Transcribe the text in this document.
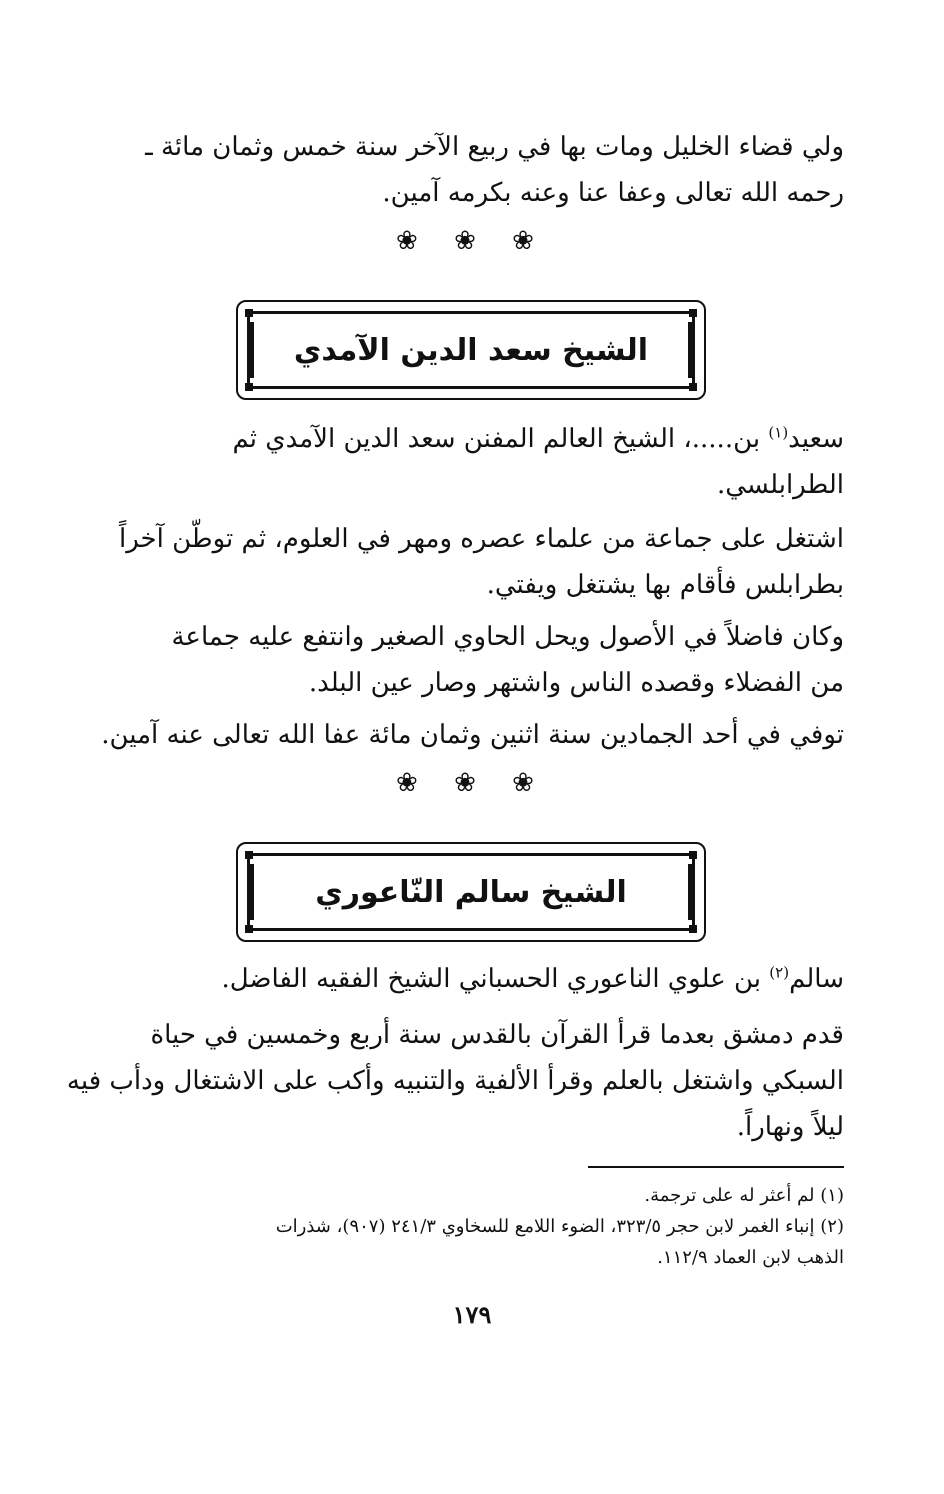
ولي قضاء الخليل ومات بها في ربيع الآخر سنة خمس وثمان مائة ـ
رحمه الله تعالى وعفا عنا وعنه بكرمه آمين.
❀ ❀ ❀
الشيخ سعد الدين الآمدي
سعيد$^{(١)}$ بن.....، الشيخ العالم المفنن سعد الدين الآمدي ثم
الطرابلسي.
اشتغل على جماعة من علماء عصره ومهر في العلوم، ثم توطّن آخراً
بطرابلس فأقام بها يشتغل ويفتي.
وكان فاضلاً في الأصول ويحل الحاوي الصغير وانتفع عليه جماعة
من الفضلاء وقصده الناس واشتهر وصار عين البلد.
توفي في أحد الجمادين سنة اثنين وثمان مائة عفا الله تعالى عنه آمين.
❀ ❀ ❀
الشيخ سالم النّاعوري
سالم$^{(٢)}$ بن علوي الناعوري الحسباني الشيخ الفقيه الفاضل.
قدم دمشق بعدما قرأ القرآن بالقدس سنة أربع وخمسين في حياة
السبكي واشتغل بالعلم وقرأ الألفية والتنبيه وأكب على الاشتغال ودأب فيه
ليلاً ونهاراً.
(١) لم أعثر له على ترجمة.
(٢) إنباء الغمر لابن حجر ٣٢٣/٥، الضوء اللامع للسخاوي ٢٤١/٣ (٩٠٧)، شذرات
الذهب لابن العماد ١١٢/٩.
١٧٩
